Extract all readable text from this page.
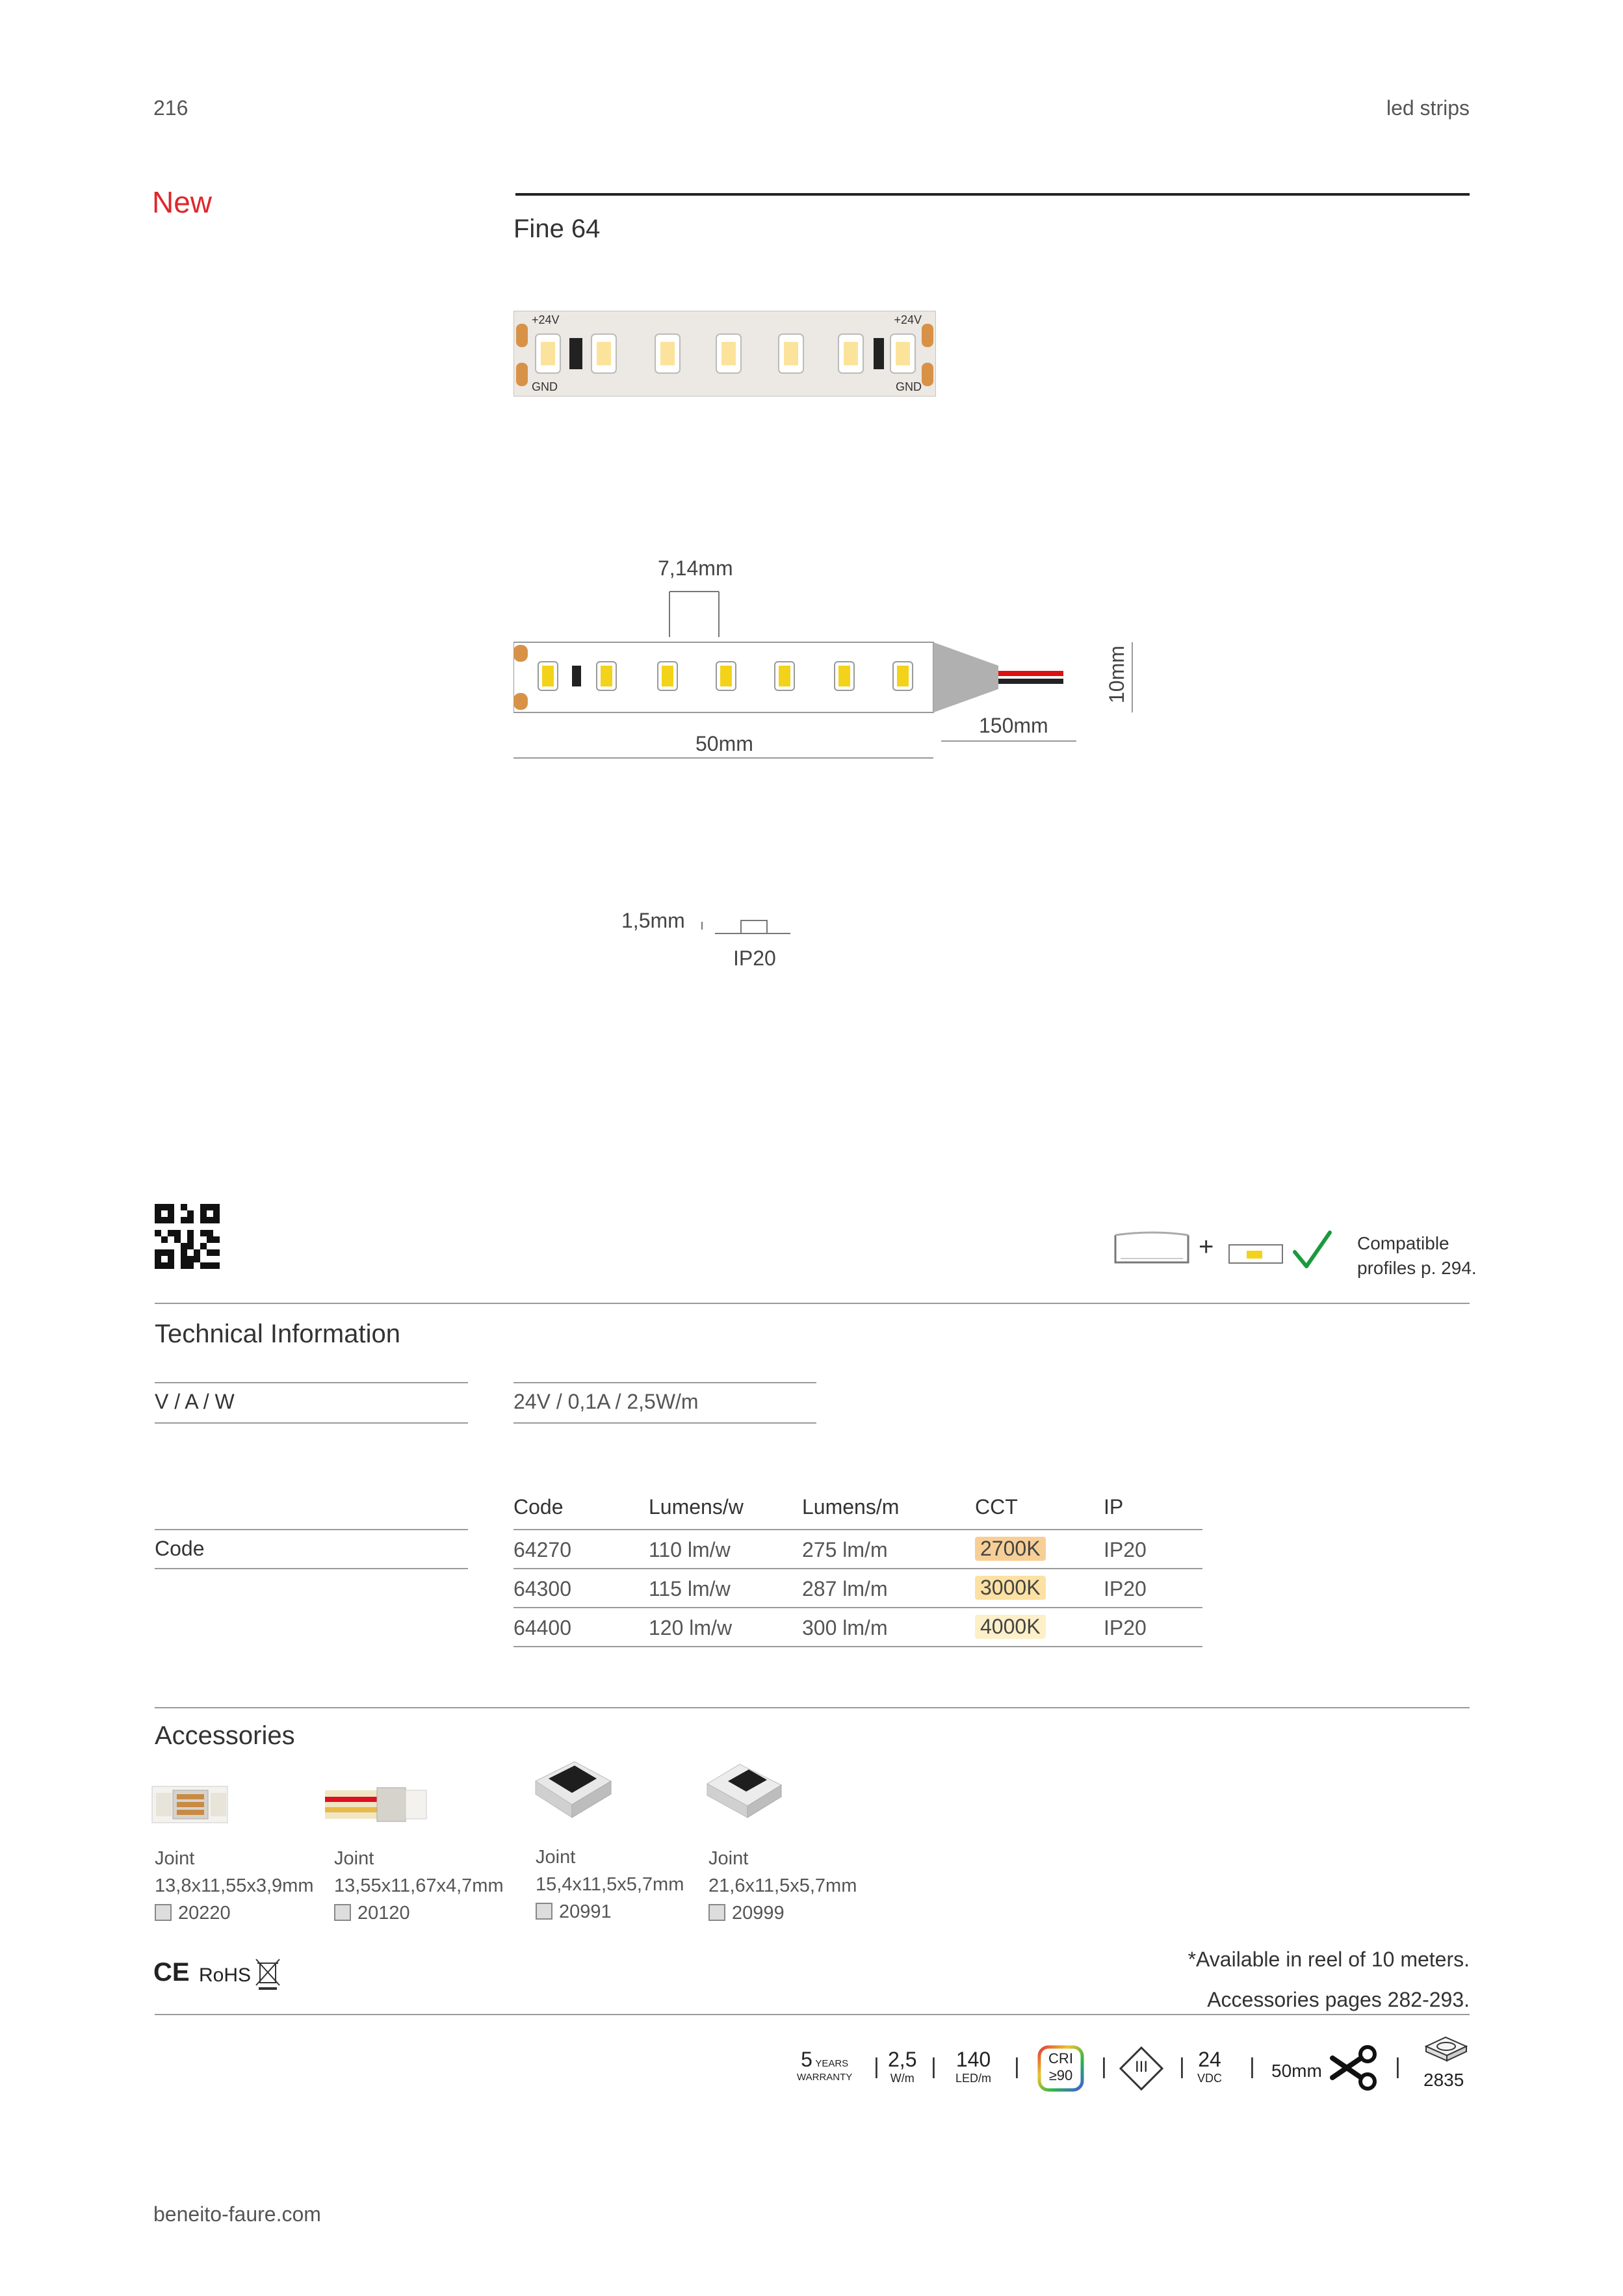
216	led strips
New
Fine 64
+24V	+24V
GND	GND
7,14mm
150mm
50mm
10mm
1,5mm
IP20
+	Compatible
profiles p. 294.
Technical Information
V / A / W	24V / 0,1A / 2,5W/m
Code
Code	Lumens/w	Lumens/m	CCT	IP
64270	110 lm/w	275 lm/m	2700K	IP20
64300	115 lm/w	287 lm/m	3000K	IP20
64400	120 lm/w	300 lm/m	4000K	IP20
Accessories
Joint
13,8x11,55x3,9mm
20220
Joint
13,55x11,67x4,7mm
20120
Joint
15,4x11,5x5,7mm
20991
Joint
21,6x11,5x5,7mm
20999
CE RoHS
*Available in reel of 10 meters.
Accessories pages 282-293.
5 YEARS
WARRANTY | 2,5
W/m | 140
LED/m |	CRI
≥90	|	III	| 24
VDC | 50mm	|
2835
beneito-faure.com
